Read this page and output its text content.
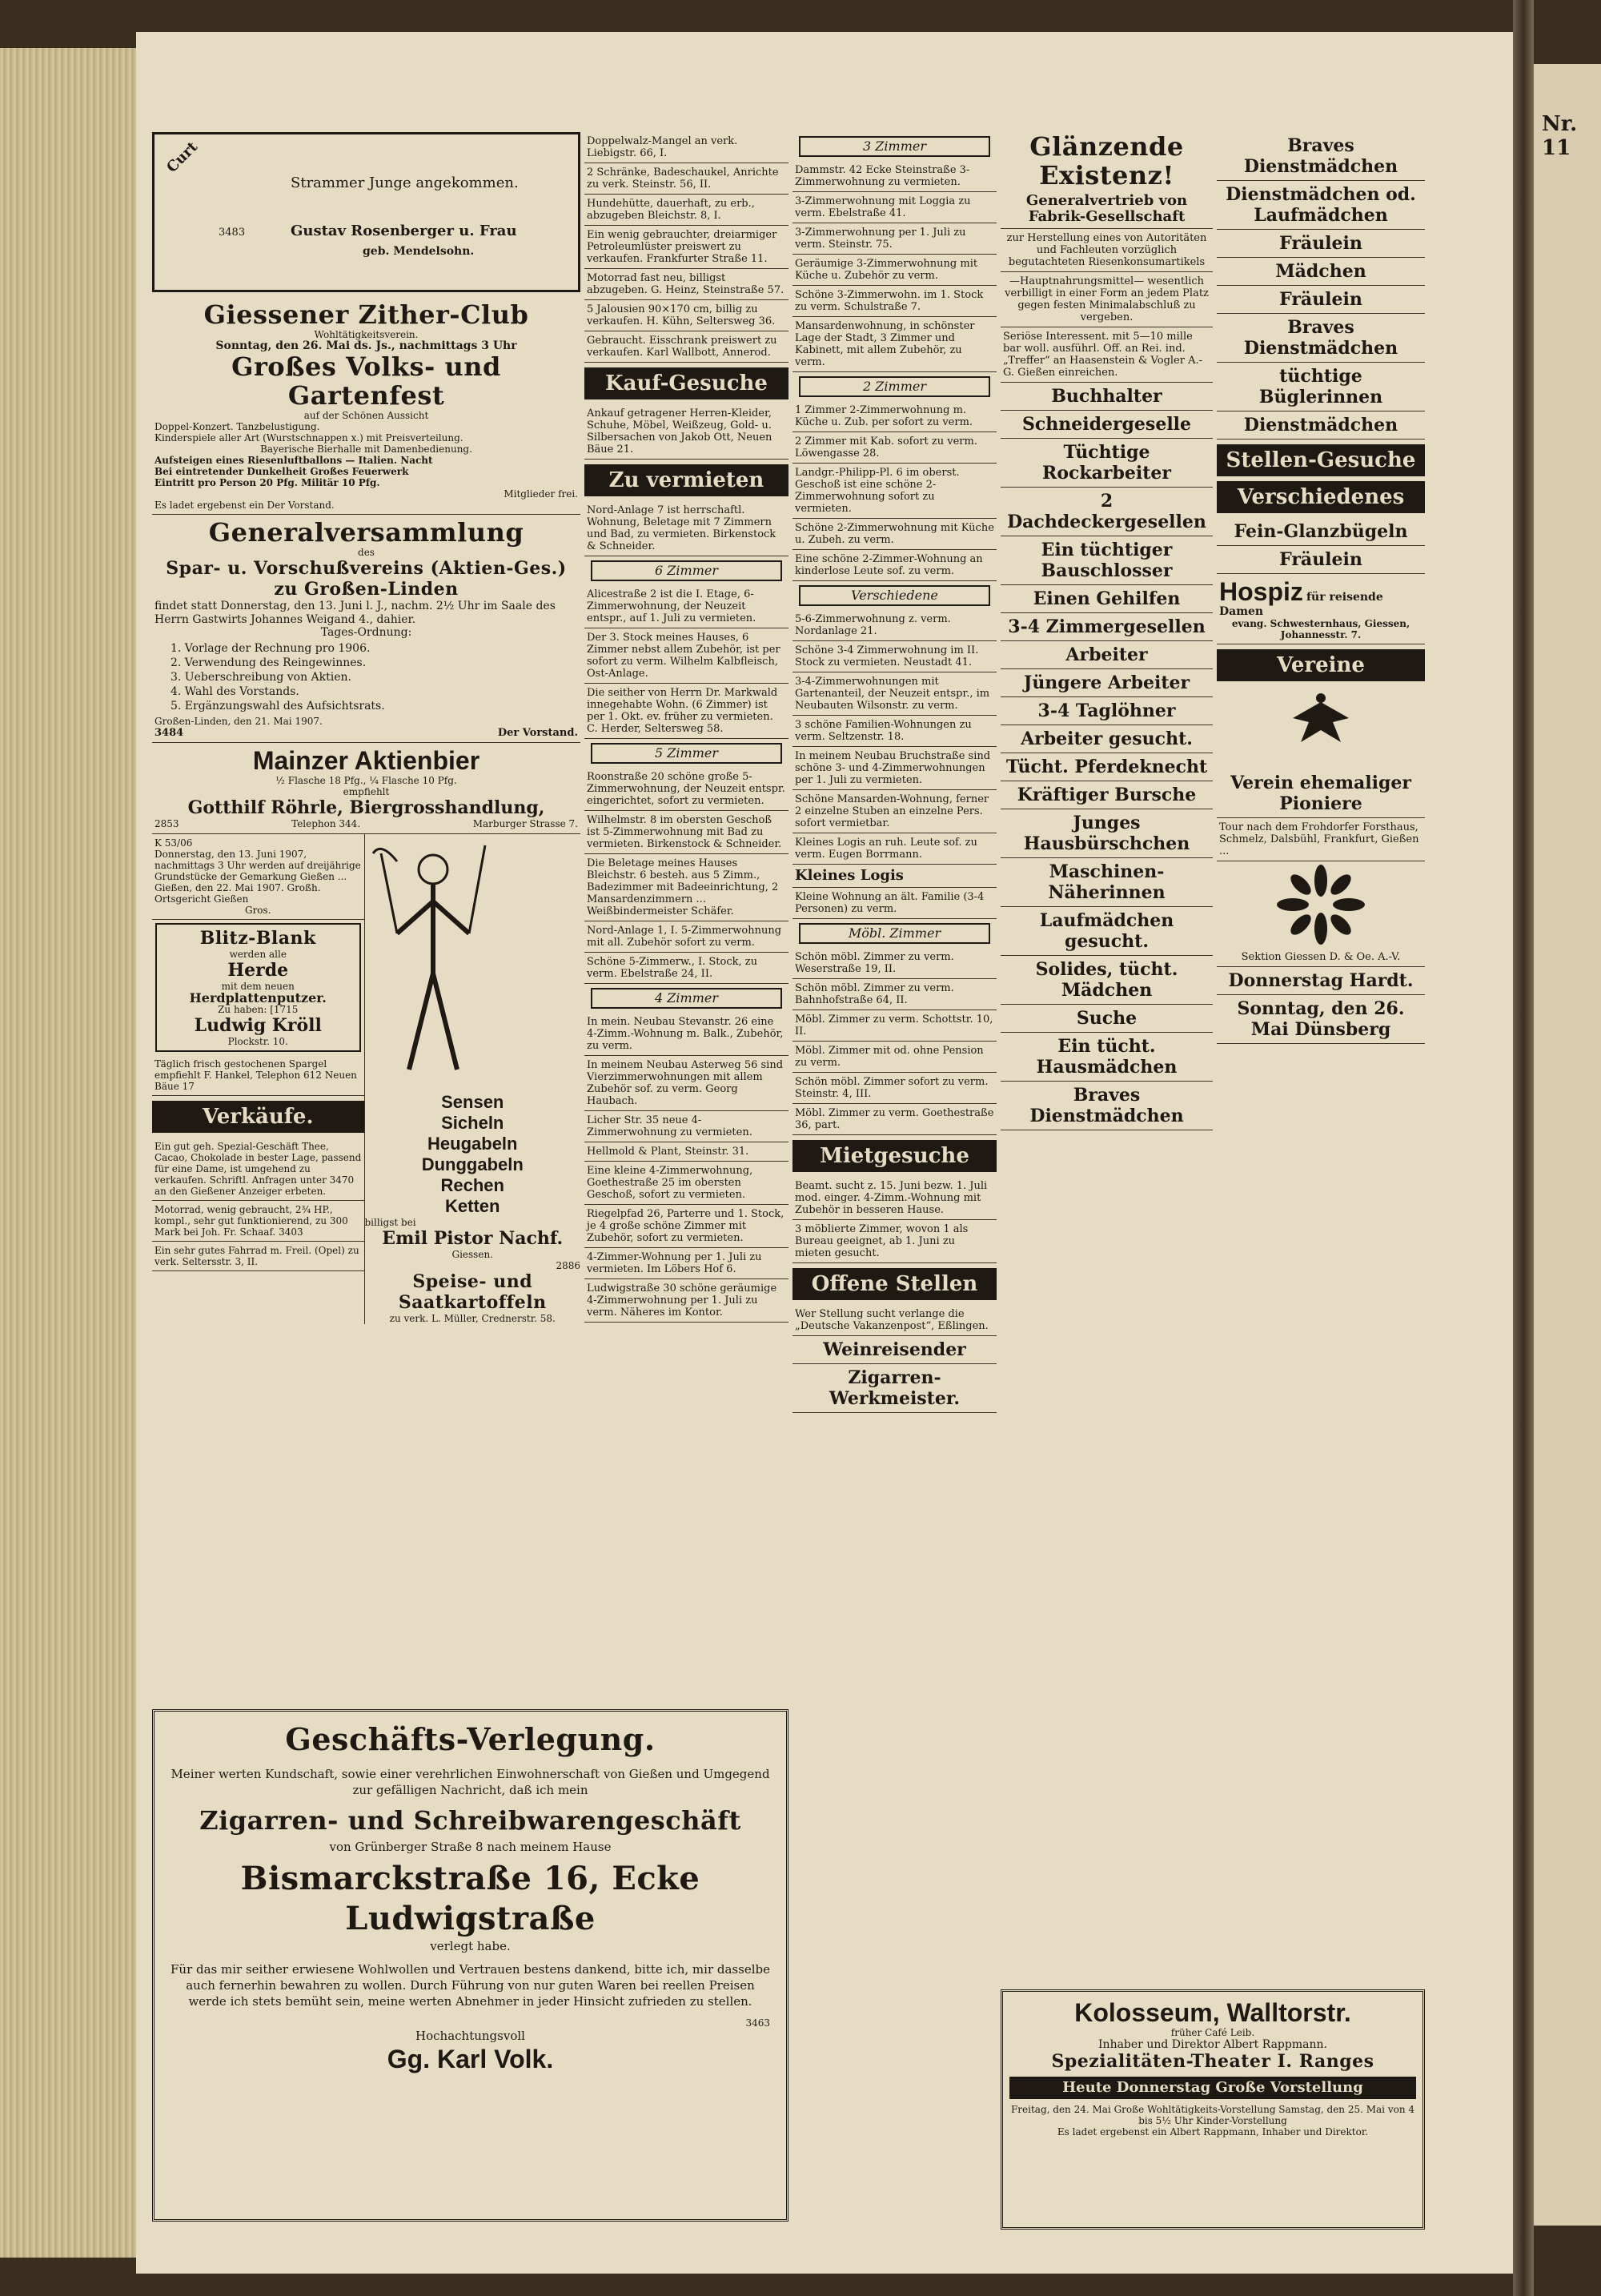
Curt
Strammer Junge angekommen.
3483	Gustav Rosenberger u. Frau
geb. Mendelsohn.
Giessener Zither-Club
Wohltätigkeitsverein.
Sonntag, den 26. Mai ds. Js., nachmittags 3 Uhr
Großes Volks- und Gartenfest
auf der Schönen Aussicht
Doppel-Konzert. Tanzbelustigung.
Kinderspiele aller Art (Wurstschnappen x.) mit Preisverteilung.
Bayerische Bierhalle mit Damenbedienung.
Aufsteigen eines Riesenluftballons — Italien. Nacht
Bei eintretender Dunkelheit Großes Feuerwerk
Eintritt pro Person 20 Pfg. Militär 10 Pfg.
Mitglieder frei.
Es ladet ergebenst ein Der Vorstand.
Generalversammlung
des
Spar- u. Vorschußvereins (Aktien-Ges.)
zu Großen-Linden
findet statt Donnerstag, den 13. Juni l. J., nachm. 2½ Uhr im Saale des Herrn Gastwirts Johannes Weigand 4., dahier.
Tages-Ordnung:
1. Vorlage der Rechnung pro 1906.
2. Verwendung des Reingewinnes.
3. Ueberschreibung von Aktien.
4. Wahl des Vorstands.
5. Ergänzungswahl des Aufsichtsrats.
Großen-Linden, den 21. Mai 1907.
3484	Der Vorstand.
Mainzer Aktienbier
½ Flasche 18 Pfg., ¼ Flasche 10 Pfg.
empfiehlt
Gotthilf Röhrle, Biergrosshandlung,
2853	Telephon 344.	Marburger Strasse 7.
K 53/06
Donnerstag, den 13. Juni 1907, nachmittags 3 Uhr werden auf dreijährige Grundstücke der Gemarkung Gießen ... Gießen, den 22. Mai 1907. Großh. Ortsgericht Gießen
Gros.
Blitz-Blank
werden alle
Herde
mit dem neuen
Herdplattenputzer.
Zu haben: [1715
Ludwig Kröll
Plockstr. 10.
Täglich frisch gestochenen Spargel empfiehlt F. Hankel, Telephon 612 Neuen Bäue 17
Verkäufe.
Ein gut geh. Spezial-Geschäft Thee, Cacao, Chokolade in bester Lage, passend für eine Dame, ist umgehend zu verkaufen. Schriftl. Anfragen unter 3470 an den Gießener Anzeiger erbeten.
Motorrad, wenig gebraucht, 2¾ HP., kompl., sehr gut funktionierend, zu 300 Mark bei Joh. Fr. Schaaf. 3403
Ein sehr gutes Fahrrad m. Freil. (Opel) zu verk. Seltersstr. 3, II.
Sensen
Sicheln
Heugabeln
Dunggabeln
Rechen
Ketten
billigst bei
Emil Pistor Nachf.
Giessen.
2886
Speise- und Saatkartoffeln
zu verk. L. Müller, Crednerstr. 58.
Doppelwalz-Mangel an verk. Liebigstr. 66, I.
2 Schränke, Badeschaukel, Anrichte zu verk. Steinstr. 56, II.
Hundehütte, dauerhaft, zu erb., abzugeben Bleichstr. 8, I.
Ein wenig gebrauchter, dreiarmiger Petroleumlüster preiswert zu verkaufen. Frankfurter Straße 11.
Motorrad fast neu, billigst abzugeben. G. Heinz, Steinstraße 57.
5 Jalousien 90×170 cm, billig zu verkaufen. H. Kühn, Seltersweg 36.
Gebraucht. Eisschrank preiswert zu verkaufen. Karl Wallbott, Annerod.
Kauf-Gesuche
Ankauf getragener Herren-Kleider, Schuhe, Möbel, Weißzeug, Gold- u. Silbersachen von Jakob Ott, Neuen Bäue 21.
Zu vermieten
Nord-Anlage 7 ist herrschaftl. Wohnung, Beletage mit 7 Zimmern und Bad, zu vermieten. Birkenstock & Schneider.
6 Zimmer
Alicestraße 2 ist die I. Etage, 6-Zimmerwohnung, der Neuzeit entspr., auf 1. Juli zu vermieten.
Der 3. Stock meines Hauses, 6 Zimmer nebst allem Zubehör, ist per sofort zu verm. Wilhelm Kalbfleisch, Ost-Anlage.
Die seither von Herrn Dr. Markwald innegehabte Wohn. (6 Zimmer) ist per 1. Okt. ev. früher zu vermieten. C. Herder, Seltersweg 58.
5 Zimmer
Roonstraße 20 schöne große 5-Zimmerwohnung, der Neuzeit entspr. eingerichtet, sofort zu vermieten.
Wilhelmstr. 8 im obersten Geschoß ist 5-Zimmerwohnung mit Bad zu vermieten. Birkenstock & Schneider.
Die Beletage meines Hauses Bleichstr. 6 besteh. aus 5 Zimm., Badezimmer mit Badeeinrichtung, 2 Mansardenzimmern ... Weißbindermeister Schäfer.
Nord-Anlage 1, I. 5-Zimmerwohnung mit all. Zubehör sofort zu verm.
Schöne 5-Zimmerw., I. Stock, zu verm. Ebelstraße 24, II.
4 Zimmer
In mein. Neubau Stevanstr. 26 eine 4-Zimm.-Wohnung m. Balk., Zubehör, zu verm.
In meinem Neubau Asterweg 56 sind Vierzimmerwohnungen mit allem Zubehör sof. zu verm. Georg Haubach.
Licher Str. 35 neue 4-Zimmerwohnung zu vermieten.
Hellmold & Plant, Steinstr. 31.
Eine kleine 4-Zimmerwohnung, Goethestraße 25 im obersten Geschoß, sofort zu vermieten.
Riegelpfad 26, Parterre und 1. Stock, je 4 große schöne Zimmer mit Zubehör, sofort zu vermieten.
4-Zimmer-Wohnung per 1. Juli zu vermieten. Im Löbers Hof 6.
Ludwigstraße 30 schöne geräumige 4-Zimmerwohnung per 1. Juli zu verm. Näheres im Kontor.
3 Zimmer
Dammstr. 42 Ecke Steinstraße 3-Zimmerwohnung zu vermieten.
3-Zimmerwohnung mit Loggia zu verm. Ebelstraße 41.
3-Zimmerwohnung per 1. Juli zu verm. Steinstr. 75.
Geräumige 3-Zimmerwohnung mit Küche u. Zubehör zu verm.
Schöne 3-Zimmerwohn. im 1. Stock zu verm. Schulstraße 7.
Mansardenwohnung, in schönster Lage der Stadt, 3 Zimmer und Kabinett, mit allem Zubehör, zu verm.
2 Zimmer
1 Zimmer 2-Zimmerwohnung m. Küche u. Zub. per sofort zu verm.
2 Zimmer mit Kab. sofort zu verm. Löwengasse 28.
Landgr.-Philipp-Pl. 6 im oberst. Geschoß ist eine schöne 2-Zimmerwohnung sofort zu vermieten.
Schöne 2-Zimmerwohnung mit Küche u. Zubeh. zu verm.
Eine schöne 2-Zimmer-Wohnung an kinderlose Leute sof. zu verm.
Verschiedene
5-6-Zimmerwohnung z. verm. Nordanlage 21.
Schöne 3-4 Zimmerwohnung im II. Stock zu vermieten. Neustadt 41.
3-4-Zimmerwohnungen mit Gartenanteil, der Neuzeit entspr., im Neubauten Wilsonstr. zu verm.
3 schöne Familien-Wohnungen zu verm. Seltzenstr. 18.
In meinem Neubau Bruchstraße sind schöne 3- und 4-Zimmerwohnungen per 1. Juli zu vermieten.
Schöne Mansarden-Wohnung, ferner 2 einzelne Stuben an einzelne Pers. sofort vermietbar.
Kleines Logis an ruh. Leute sof. zu verm. Eugen Borrmann.
Kleines Logis
Kleine Wohnung an ält. Familie (3-4 Personen) zu verm.
Möbl. Zimmer
Schön möbl. Zimmer zu verm. Weserstraße 19, II.
Schön möbl. Zimmer zu verm. Bahnhofstraße 64, II.
Möbl. Zimmer zu verm. Schottstr. 10, II.
Möbl. Zimmer mit od. ohne Pension zu verm.
Schön möbl. Zimmer sofort zu verm. Steinstr. 4, III.
Möbl. Zimmer zu verm. Goethestraße 36, part.
Mietgesuche
Beamt. sucht z. 15. Juni bezw. 1. Juli mod. einger. 4-Zimm.-Wohnung mit Zubehör in besseren Hause.
3 möblierte Zimmer, wovon 1 als Bureau geeignet, ab 1. Juni zu mieten gesucht.
Offene Stellen
Wer Stellung sucht verlange die „Deutsche Vakanzenpost“, Eßlingen.
Weinreisender
Zigarren-Werkmeister.
Glänzende Existenz!
Generalvertrieb von Fabrik-Gesellschaft
zur Herstellung eines von Autoritäten und Fachleuten vorzüglich begutachteten Riesenkonsumartikels
—Hauptnahrungsmittel— wesentlich verbilligt in einer Form an jedem Platz gegen festen Minimalabschluß zu vergeben.
Seriöse Interessent. mit 5—10 mille bar woll. ausführl. Off. an Rei. ind. „Treffer“ an Haasenstein & Vogler A.-G. Gießen einreichen.
Buchhalter
Schneidergeselle
Tüchtige Rockarbeiter
2 Dachdeckergesellen
Ein tüchtiger Bauschlosser
Einen Gehilfen
3-4 Zimmergesellen
Arbeiter
Jüngere Arbeiter
3-4 Taglöhner
Arbeiter gesucht.
Tücht. Pferdeknecht
Kräftiger Bursche
Junges Hausbürschchen
Maschinen-Näherinnen
Laufmädchen gesucht.
Solides, tücht. Mädchen
Suche
Ein tücht. Hausmädchen
Braves Dienstmädchen
Braves Dienstmädchen
Dienstmädchen od. Laufmädchen
Fräulein
Mädchen
Fräulein
Braves Dienstmädchen
tüchtige Büglerinnen
Dienstmädchen
Stellen-Gesuche
Verschiedenes
Fein-Glanzbügeln
Fräulein
Hospiz für reisende Damen
evang. Schwesternhaus, Giessen, Johannesstr. 7.
Vereine
Verein ehemaliger Pioniere
Tour nach dem Frohdorfer Forsthaus, Schmelz, Dalsbühl, Frankfurt, Gießen ...
Sektion Giessen D. & Oe. A.-V.
Donnerstag Hardt.
Sonntag, den 26. Mai Dünsberg
Kolosseum, Walltorstr.
früher Café Leib.
Inhaber und Direktor Albert Rappmann.
Spezialitäten-Theater I. Ranges
Heute Donnerstag Große Vorstellung
Freitag, den 24. Mai Große Wohltätigkeits-Vorstellung Samstag, den 25. Mai von 4 bis 5½ Uhr Kinder-Vorstellung
Es ladet ergebenst ein Albert Rappmann, Inhaber und Direktor.
Geschäfts-Verlegung.
Meiner werten Kundschaft, sowie einer verehrlichen Einwohnerschaft von Gießen und Umgegend zur gefälligen Nachricht, daß ich mein
Zigarren- und Schreibwarengeschäft
von Grünberger Straße 8 nach meinem Hause
Bismarckstraße 16, Ecke Ludwigstraße
verlegt habe.
Für das mir seither erwiesene Wohlwollen und Vertrauen bestens dankend, bitte ich, mir dasselbe auch fernerhin bewahren zu wollen. Durch Führung von nur guten Waren bei reellen Preisen werde ich stets bemüht sein, meine werten Abnehmer in jeder Hinsicht zufrieden zu stellen.
3463
Hochachtungsvoll
Gg. Karl Volk.
Nr. 11
